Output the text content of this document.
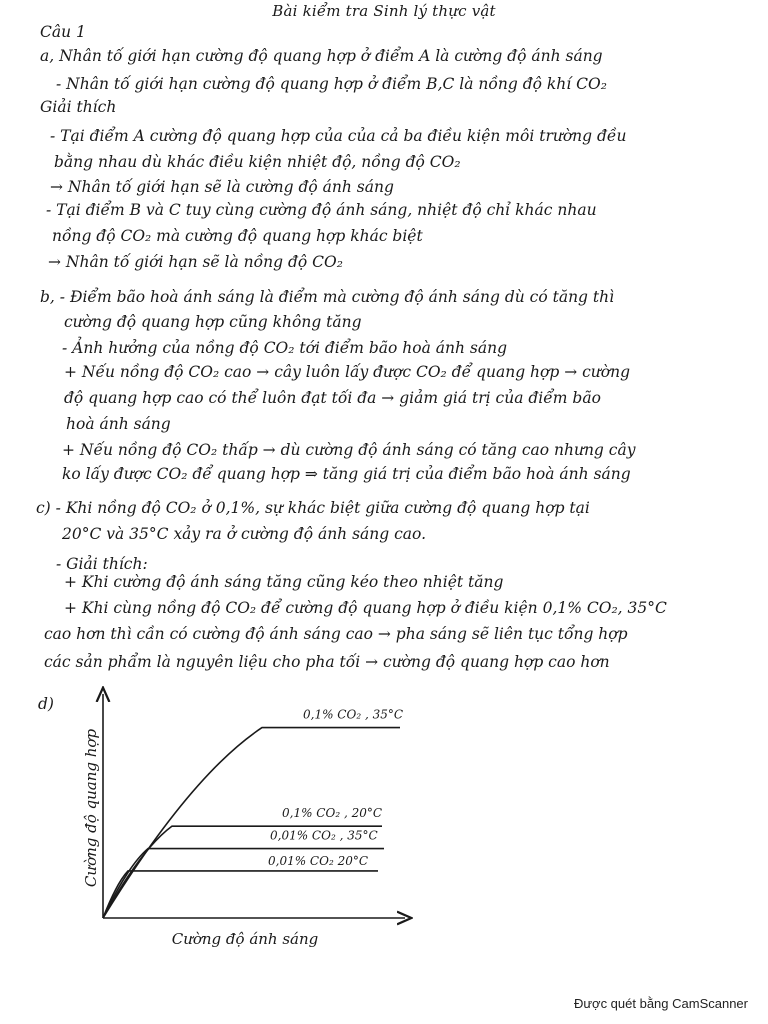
Bài kiểm tra Sinh lý thực vật
Câu 1
a, Nhân tố giới hạn cường độ quang hợp ở điểm A là cường độ ánh sáng
- Nhân tố giới hạn cường độ quang hợp ở điểm B,C là nồng độ khí CO₂
Giải thích
- Tại điểm A cường độ quang hợp của của cả ba điều kiện môi trường đều
bằng nhau dù khác điều kiện nhiệt độ, nồng độ CO₂
→ Nhân tố giới hạn sẽ là cường độ ánh sáng
- Tại điểm B và C tuy cùng cường độ ánh sáng, nhiệt độ chỉ khác nhau
nồng độ CO₂ mà cường độ quang hợp khác biệt
→ Nhân tố giới hạn sẽ là nồng độ CO₂
b, - Điểm bão hoà ánh sáng là điểm mà cường độ ánh sáng dù có tăng thì
cường độ quang hợp cũng không tăng
- Ảnh hưởng của nồng độ CO₂ tới điểm bão hoà ánh sáng
+ Nếu nồng độ CO₂ cao → cây luôn lấy được CO₂ để quang hợp → cường
độ quang hợp cao có thể luôn đạt tối đa → giảm giá trị của điểm bão
hoà ánh sáng
+ Nếu nồng độ CO₂ thấp → dù cường độ ánh sáng có tăng cao nhưng cây
ko lấy được CO₂ để quang hợp ⇒ tăng giá trị của điểm bão hoà ánh sáng
c) - Khi nồng độ CO₂ ở 0,1%, sự khác biệt giữa cường độ quang hợp tại
20°C và 35°C xảy ra ở cường độ ánh sáng cao.
- Giải thích:
+ Khi cường độ ánh sáng tăng cũng kéo theo nhiệt tăng
+ Khi cùng nồng độ CO₂ để cường độ quang hợp ở điều kiện 0,1% CO₂, 35°C
cao hơn thì cần có cường độ ánh sáng cao → pha sáng sẽ liên tục tổng hợp
các sản phẩm là nguyên liệu cho pha tối → cường độ quang hợp cao hơn
d)
Cường độ quang hợp
Cường độ ánh sáng
0,1% CO₂ , 35°C
0,1% CO₂ , 20°C
0,01% CO₂ , 35°C
0,01% CO₂ 20°C
Được quét bằng CamScanner
